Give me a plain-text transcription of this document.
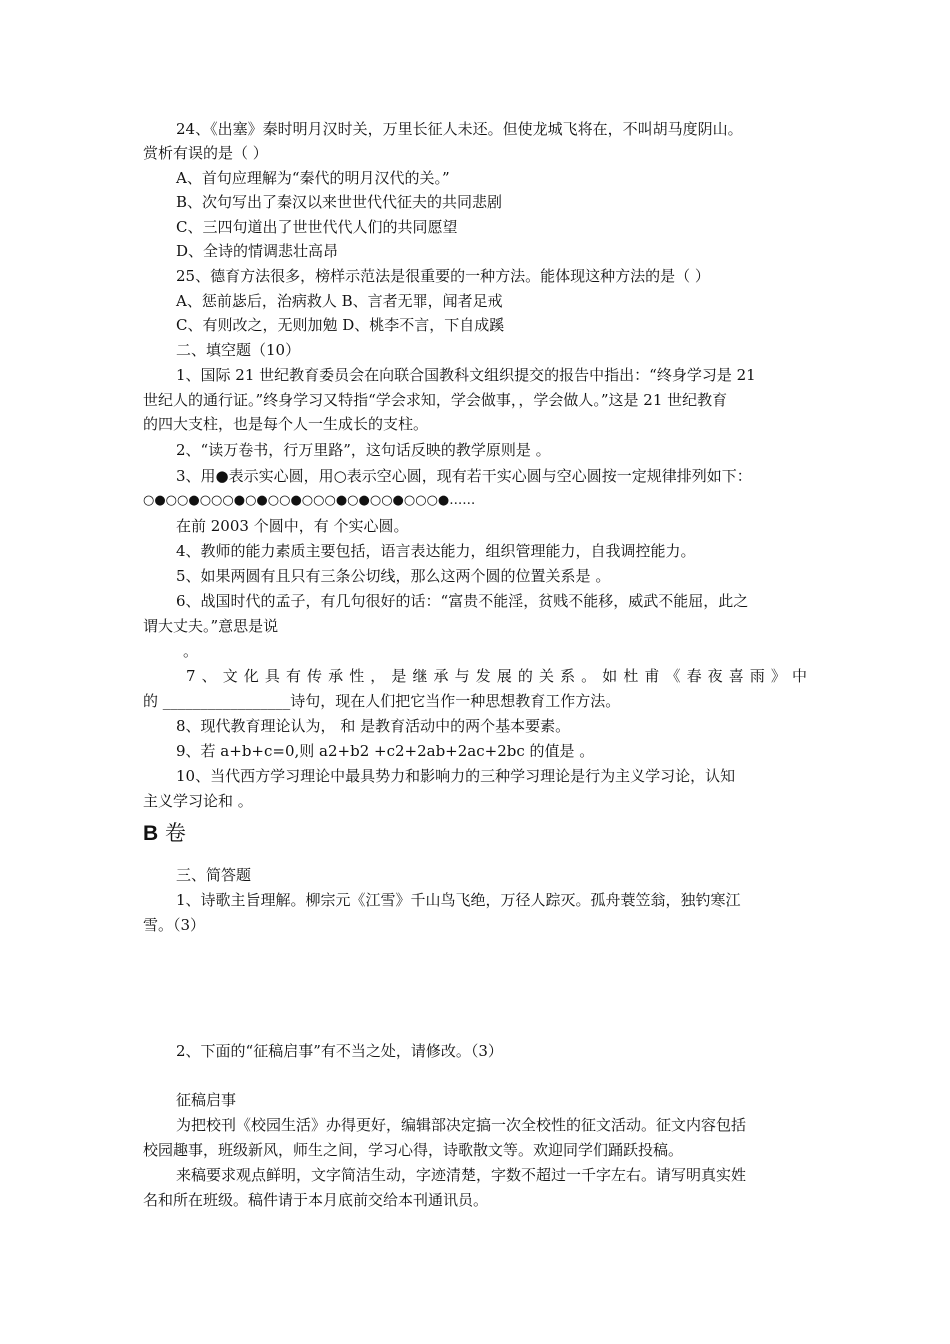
24、《出塞》秦时明月汉时关，万里长征人未还。但使龙城飞将在，不叫胡马度阴山。
赏析有误的是（ ）
A、首句应理解为“秦代的明月汉代的关。”
B、次句写出了秦汉以来世世代代征夫的共同悲剧
C、三四句道出了世世代代人们的共同愿望
D、全诗的情调悲壮高昂
25、德育方法很多，榜样示范法是很重要的一种方法。能体现这种方法的是（ ）
A、惩前毖后，治病救人 B、言者无罪，闻者足戒
C、有则改之，无则加勉 D、桃李不言，下自成蹊
二、填空题（10）
1、国际 21 世纪教育委员会在向联合国教科文组织提交的报告中指出：“终身学习是 21
世纪人的通行证。”终身学习又特指“学会求知，学会做事，，学会做人。”这是 21 世纪教育
的四大支柱，也是每个人一生成长的支柱。
2、“读万卷书，行万里路”，这句话反映的教学原则是 。
3、用●表示实心圆，用○表示空心圆，现有若干实心圆与空心圆按一定规律排列如下：
○●○○●○○○●○●○○●○○○●○●○○●○○○●……
在前 2003 个圆中，有 个实心圆。
4、教师的能力素质主要包括，语言表达能力，组织管理能力，自我调控能力。
5、如果两圆有且只有三条公切线，那么这两个圆的位置关系是 。
6、战国时代的孟子，有几句很好的话：“富贵不能淫，贫贱不能移，威武不能屈，此之
谓大丈夫。”意思是说
。
7、文化具有传承性，是继承与发展的关系。如杜甫《春夜喜雨》中
的 _________________诗句，现在人们把它当作一种思想教育工作方法。
8、现代教育理论认为， 和 是教育活动中的两个基本要素。
9、若 a+b+c=0,则 a2+b2 +c2+2ab+2ac+2bc 的值是 。
10、当代西方学习理论中最具势力和影响力的三种学习理论是行为主义学习论，认知
主义学习论和 。
B 卷
三、简答题
1、诗歌主旨理解。柳宗元《江雪》千山鸟飞绝，万径人踪灭。孤舟蓑笠翁，独钓寒江
雪。（3）
2、下面的“征稿启事”有不当之处，请修改。（3）
征稿启事
为把校刊《校园生活》办得更好，编辑部决定搞一次全校性的征文活动。征文内容包括
校园趣事，班级新风，师生之间，学习心得，诗歌散文等。欢迎同学们踊跃投稿。
来稿要求观点鲜明，文字简洁生动，字迹清楚，字数不超过一千字左右。请写明真实姓
名和所在班级。稿件请于本月底前交给本刊通讯员。
